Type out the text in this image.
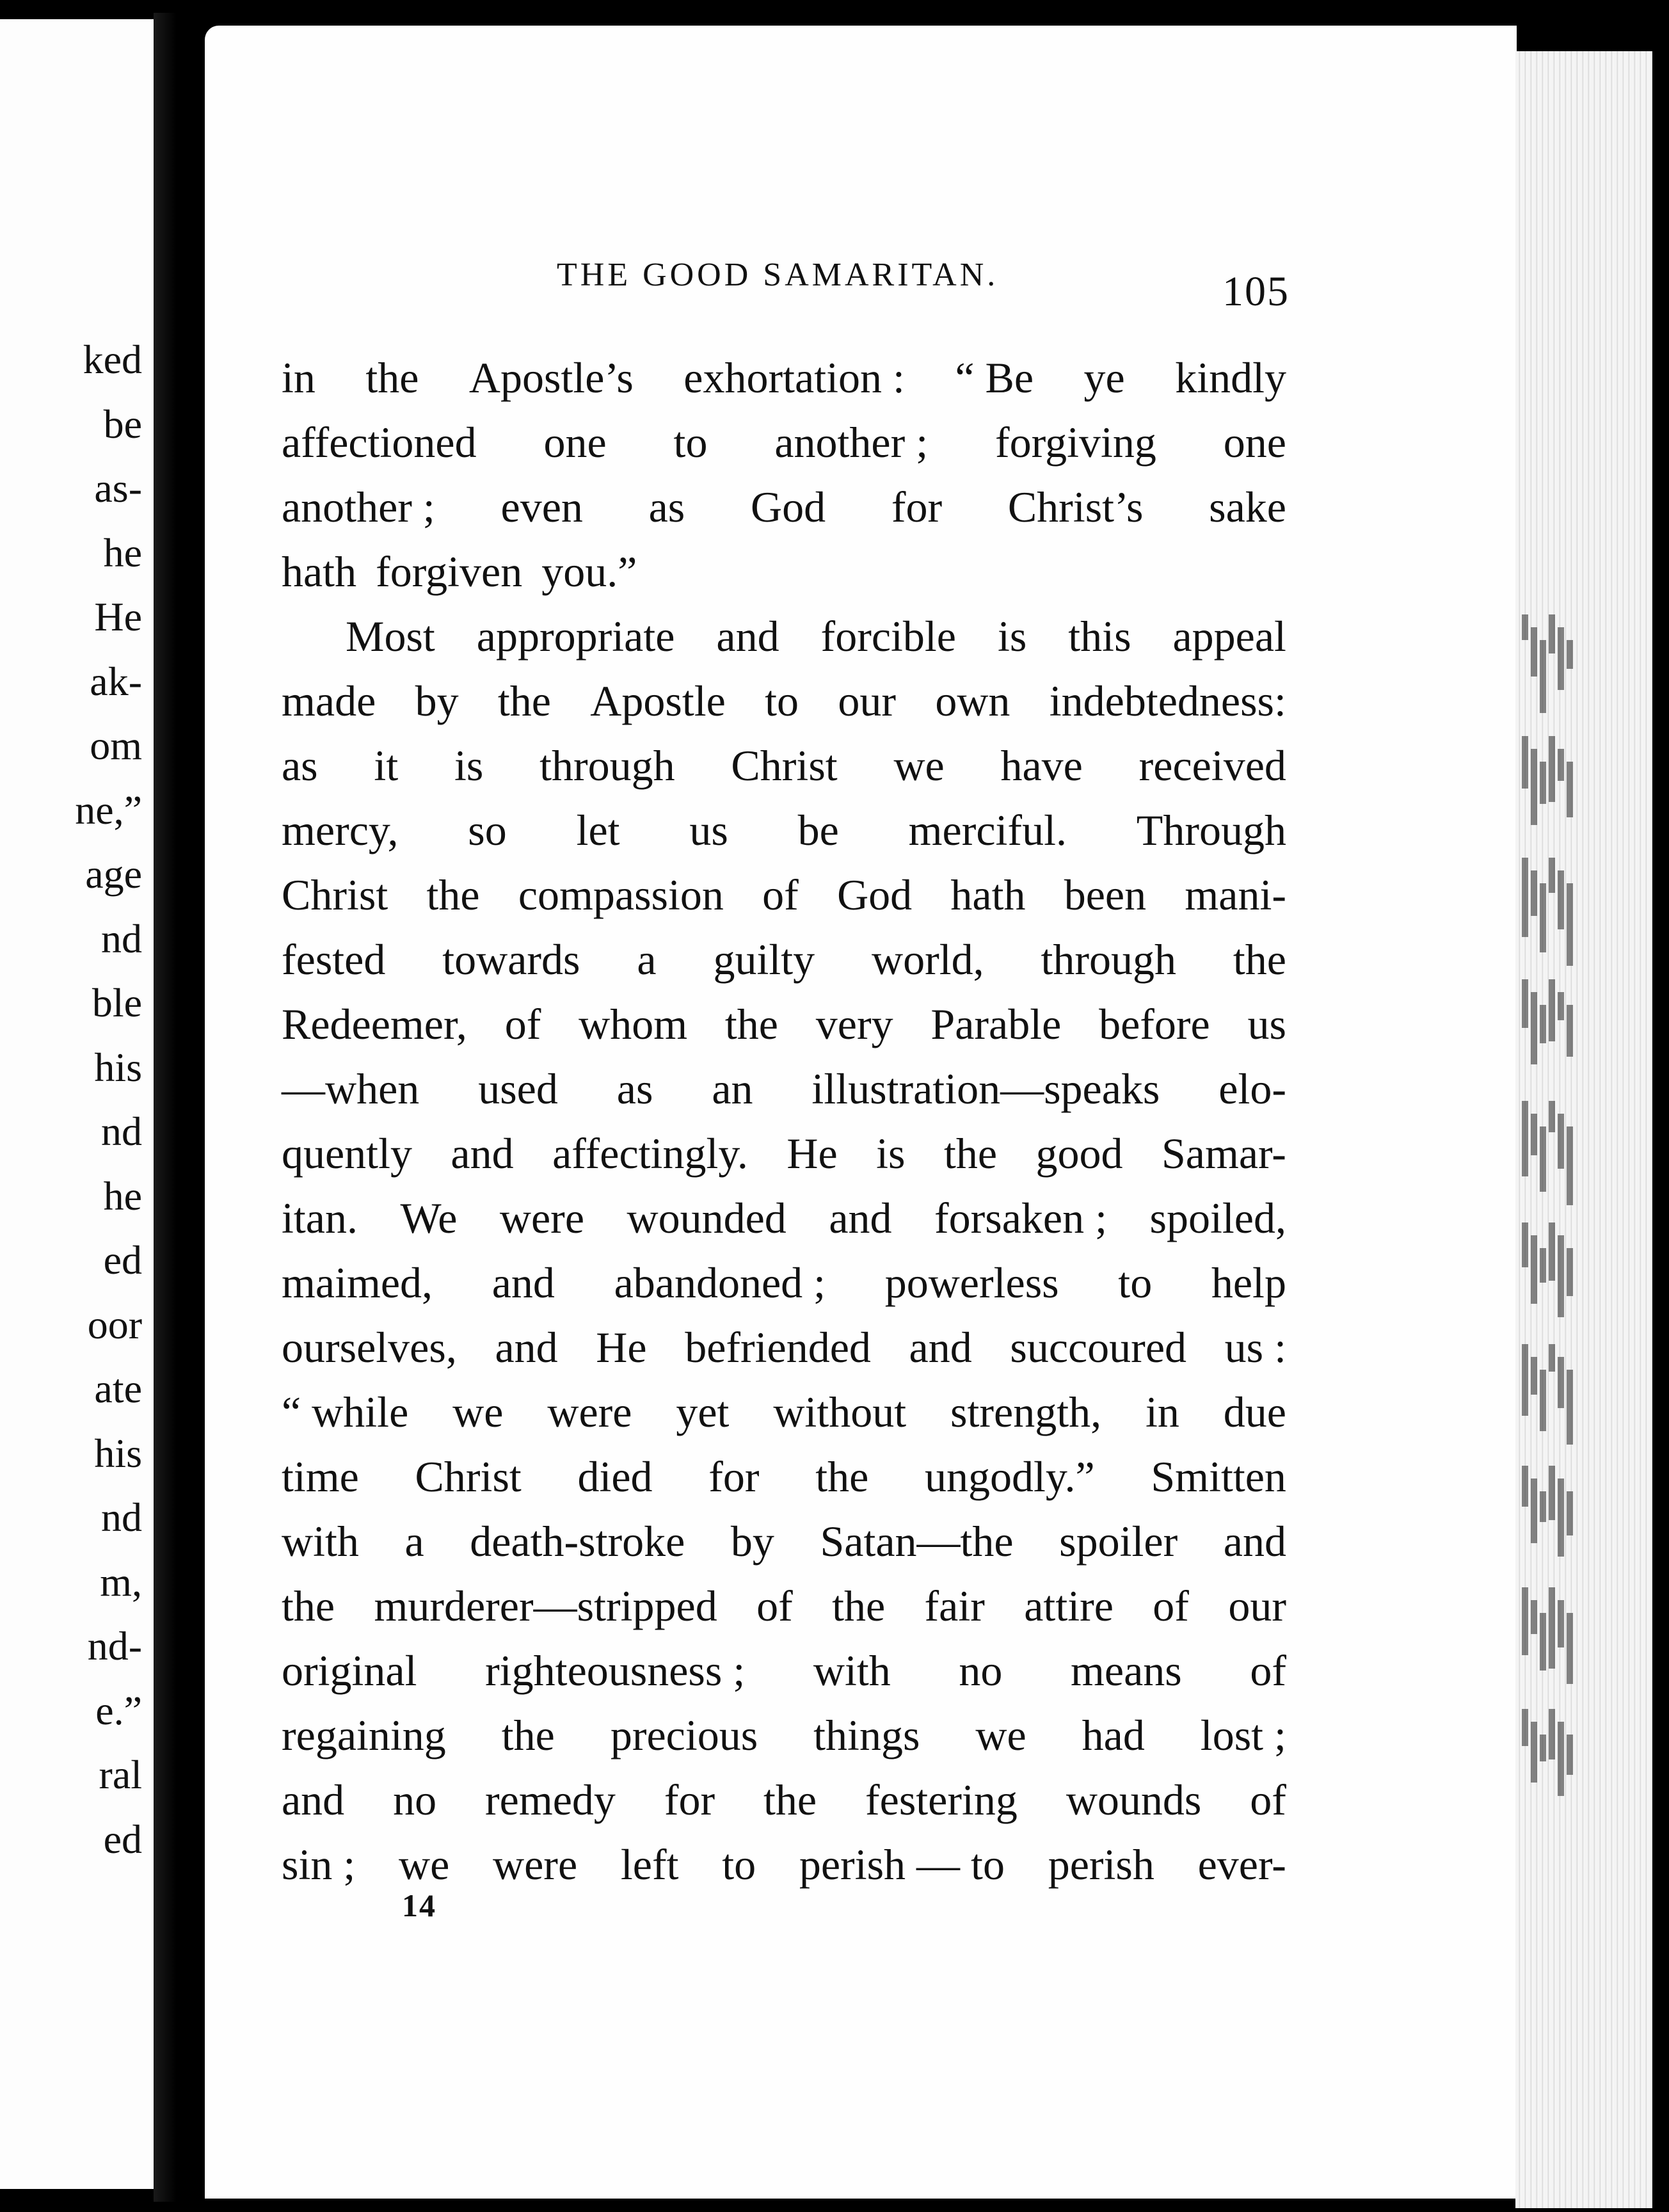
ked
be
as-
he
He
ak-
om
ne,”
age
nd
ble
his
nd
he
ed
oor
ate
his
nd
m,
nd-
e.”
ral
ed
THE GOOD SAMARITAN.	105
in the Apostle’s exhortation : “ Be ye kindly
affectioned one to another ; forgiving one
another ; even as God for Christ’s sake
hath forgiven you.”
Most appropriate and forcible is this appeal
made by the Apostle to our own indebtedness:
as it is through Christ we have received
mercy, so let us be merciful. Through
Christ the compassion of God hath been mani-
fested towards a guilty world, through the
Redeemer, of whom the very Parable before us
—when used as an illustration—speaks elo-
quently and affectingly. He is the good Samar-
itan. We were wounded and forsaken ; spoiled,
maimed, and abandoned ; powerless to help
ourselves, and He befriended and succoured us :
“ while we were yet without strength, in due
time Christ died for the ungodly.” Smitten
with a death-stroke by Satan—the spoiler and
the murderer—stripped of the fair attire of our
original righteousness ; with no means of
regaining the precious things we had lost ;
and no remedy for the festering wounds of
sin ; we were left to perish — to perish ever-
14
